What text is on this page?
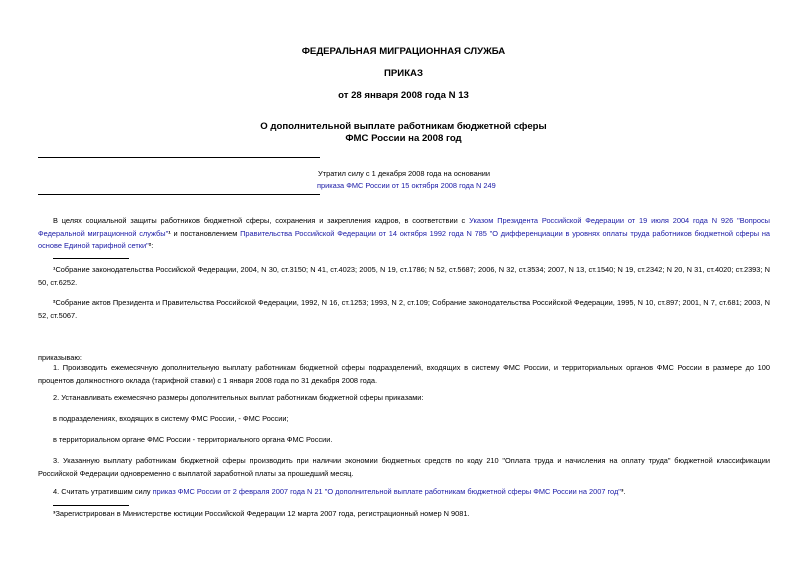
ФЕДЕРАЛЬНАЯ МИГРАЦИОННАЯ СЛУЖБА
ПРИКАЗ
от 28 января 2008 года N 13
О дополнительной выплате работникам бюджетной сферы
ФМС России на 2008 год
Утратил силу с 1 декабря 2008 года на основании
приказа ФМС России от 15 октября 2008 года N 249
В целях социальной защиты работников бюджетной сферы, сохранения и закрепления кадров, в соответствии с Указом Президента Российской Федерации от 19 июля 2004 года N 926 "Вопросы Федеральной миграционной службы"¹ и постановлением Правительства Российской Федерации от 14 октября 1992 года N 785 "О дифференциации в уровнях оплаты труда работников бюджетной сферы на основе Единой тарифной сетки"²:
¹Собрание законодательства Российской Федерации, 2004, N 30, ст.3150; N 41, ст.4023; 2005, N 19, ст.1786; N 52, ст.5687; 2006, N 32, ст.3534; 2007, N 13, ст.1540; N 19, ст.2342; N 20, N 31, ст.4020; ст.2393; N 50, ст.6252.
²Собрание актов Президента и Правительства Российской Федерации, 1992, N 16, ст.1253; 1993, N 2, ст.109; Собрание законодательства Российской Федерации, 1995, N 10, ст.897; 2001, N 7, ст.681; 2003, N 52, ст.5067.
приказываю:
1. Производить ежемесячную дополнительную выплату работникам бюджетной сферы подразделений, входящих в систему ФМС России, и территориальных органов ФМС России в размере до 100 процентов должностного оклада (тарифной ставки) с 1 января 2008 года по 31 декабря 2008 года.
2. Устанавливать ежемесячно размеры дополнительных выплат работникам бюджетной сферы приказами:
в подразделениях, входящих в систему ФМС России, - ФМС России;
в территориальном органе ФМС России - территориального органа ФМС России.
3. Указанную выплату работникам бюджетной сферы производить при наличии экономии бюджетных средств по коду 210 "Оплата труда и начисления на оплату труда" бюджетной классификации Российской Федерации одновременно с выплатой заработной платы за прошедший месяц.
4. Считать утратившим силу приказ ФМС России от 2 февраля 2007 года N 21 "О дополнительной выплате работникам бюджетной сферы ФМС России на 2007 год"³.
³Зарегистрирован в Министерстве юстиции Российской Федерации 12 марта 2007 года, регистрационный номер N 9081.
